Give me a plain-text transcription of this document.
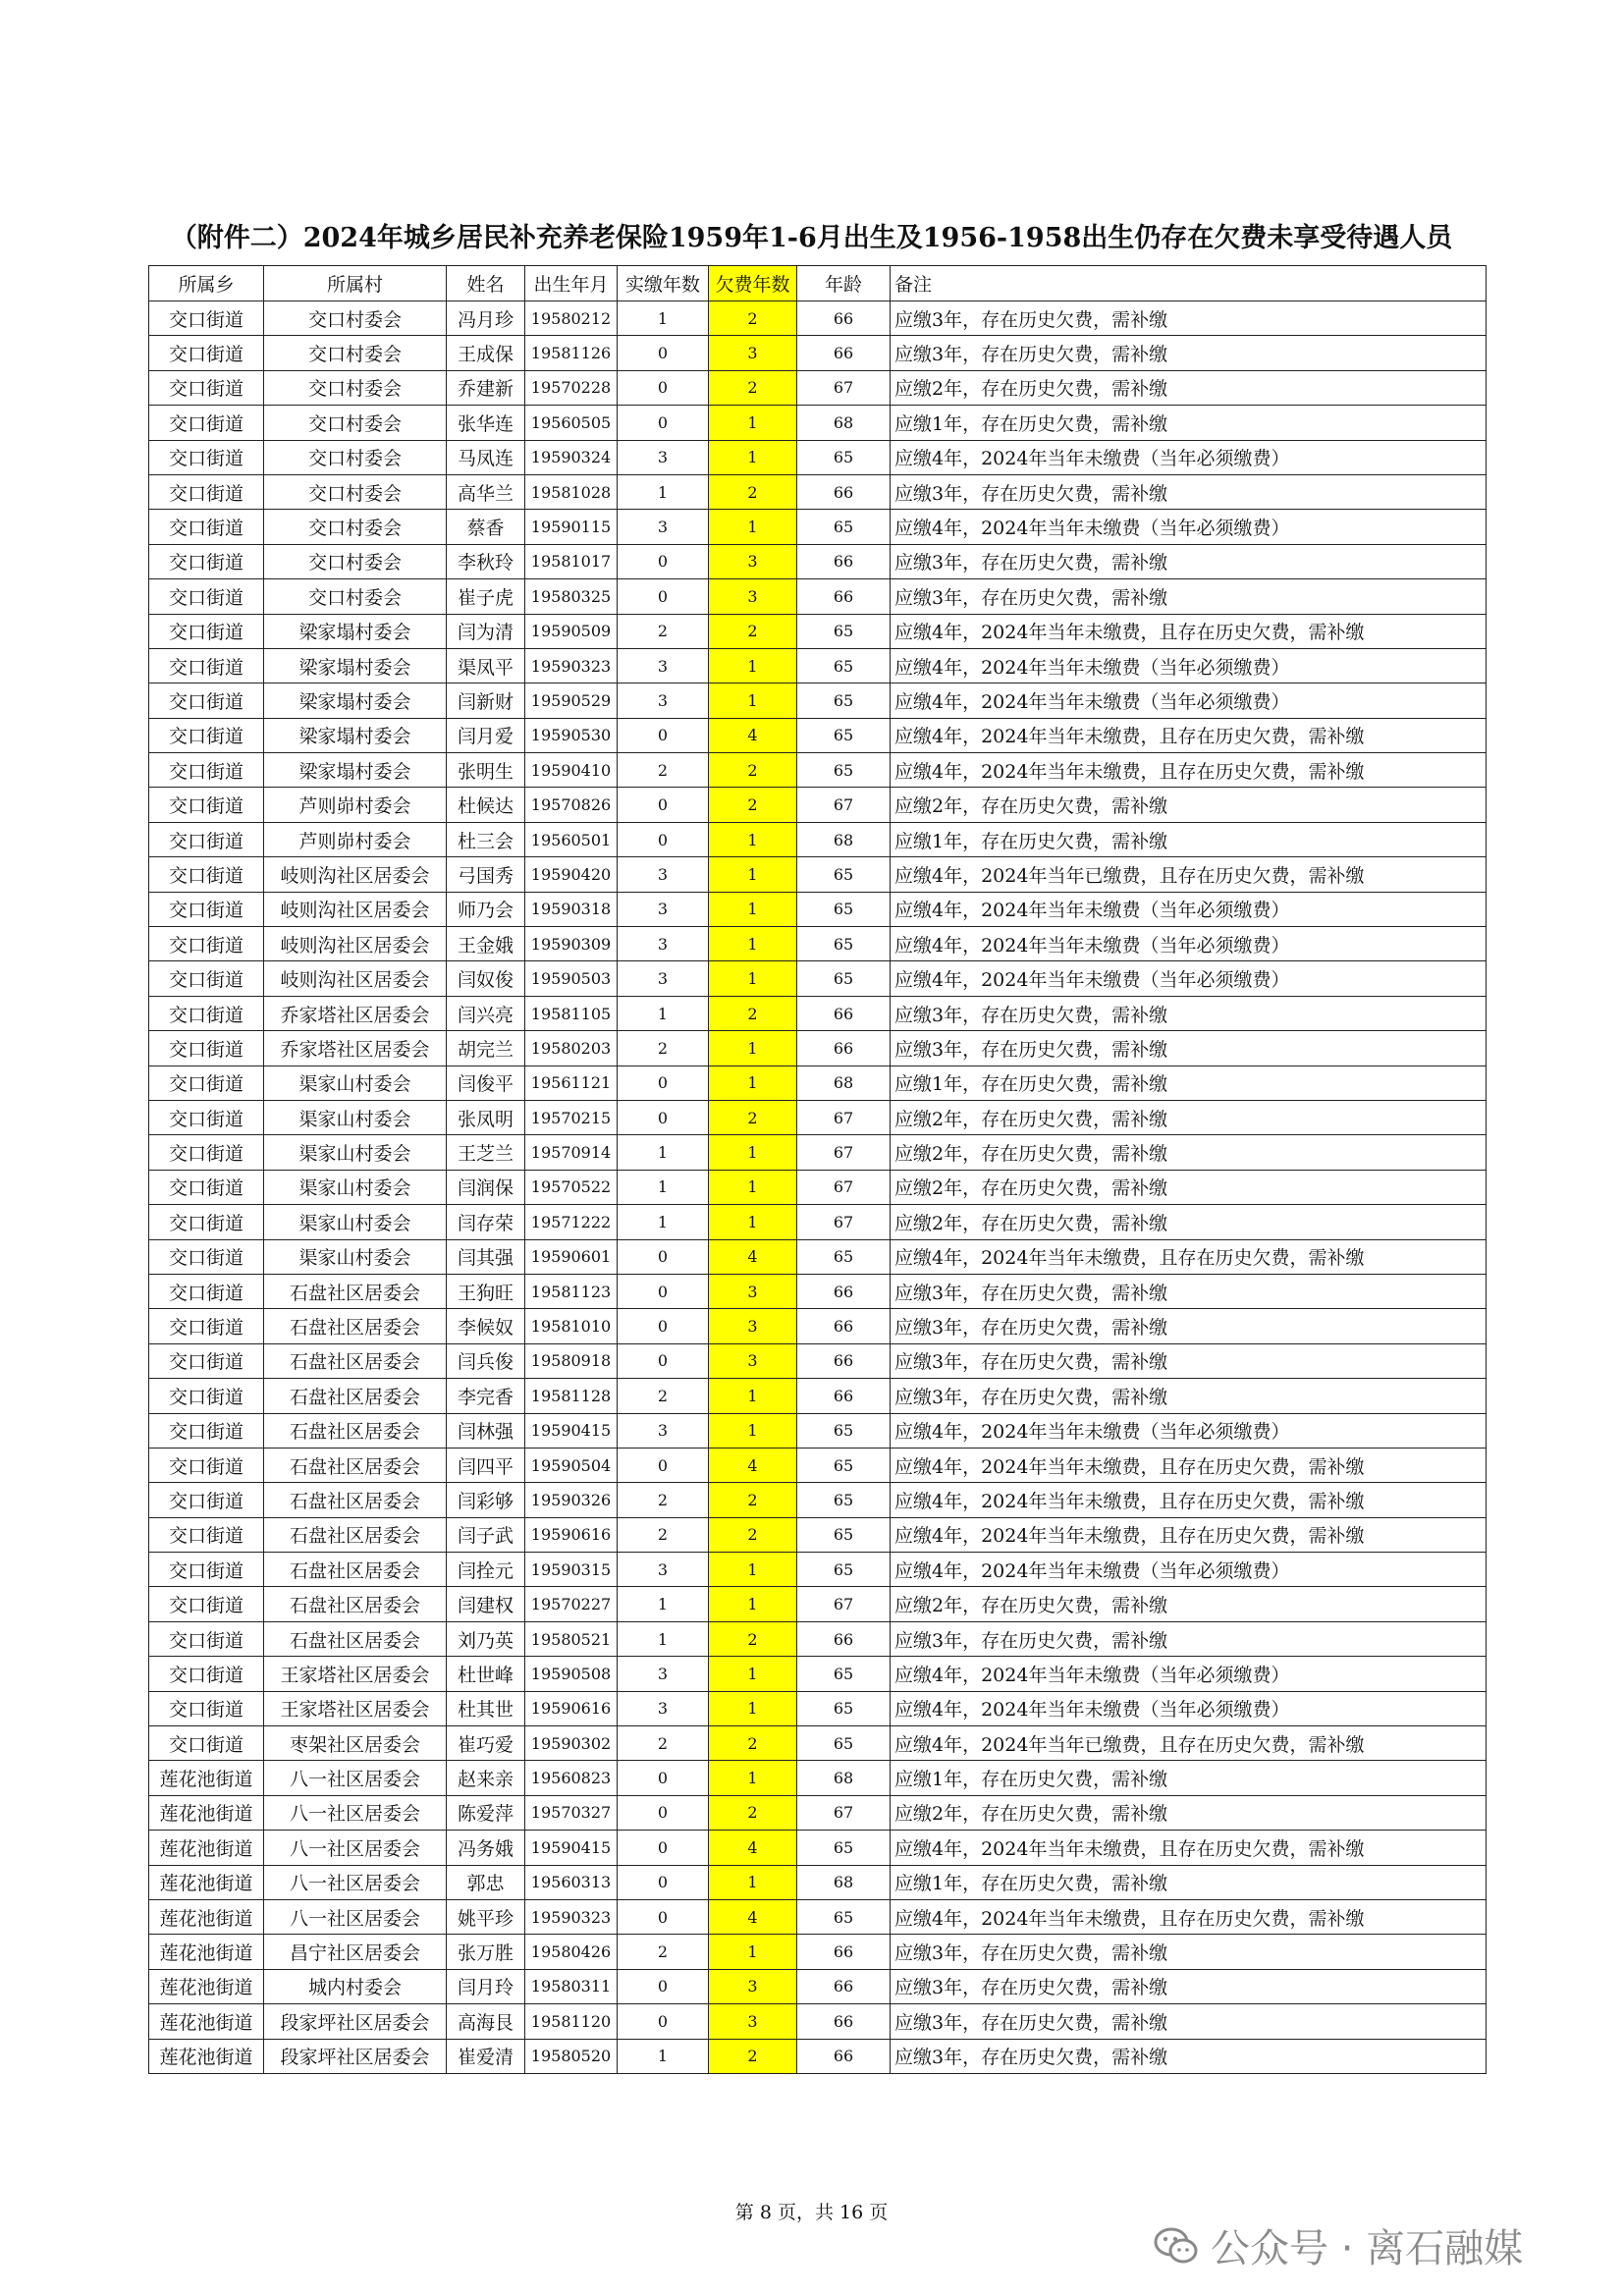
（附件二）2024年城乡居民补充养老保险1959年1-6月出生及1956-1958出生仍存在欠费未享受待遇人员
所属乡	所属村	姓名	出生年月	实缴年数	欠费年数	年龄	备注
交口街道	交口村委会	冯月珍	19580212	1	2	66	应缴3年，存在历史欠费，需补缴
交口街道	交口村委会	王成保	19581126	0	3	66	应缴3年，存在历史欠费，需补缴
交口街道	交口村委会	乔建新	19570228	0	2	67	应缴2年，存在历史欠费，需补缴
交口街道	交口村委会	张华连	19560505	0	1	68	应缴1年，存在历史欠费，需补缴
交口街道	交口村委会	马凤连	19590324	3	1	65	应缴4年，2024年当年未缴费（当年必须缴费）
交口街道	交口村委会	高华兰	19581028	1	2	66	应缴3年，存在历史欠费，需补缴
交口街道	交口村委会	蔡香	19590115	3	1	65	应缴4年，2024年当年未缴费（当年必须缴费）
交口街道	交口村委会	李秋玲	19581017	0	3	66	应缴3年，存在历史欠费，需补缴
交口街道	交口村委会	崔子虎	19580325	0	3	66	应缴3年，存在历史欠费，需补缴
交口街道	梁家塌村委会	闫为清	19590509	2	2	65	应缴4年，2024年当年未缴费，且存在历史欠费，需补缴
交口街道	梁家塌村委会	渠凤平	19590323	3	1	65	应缴4年，2024年当年未缴费（当年必须缴费）
交口街道	梁家塌村委会	闫新财	19590529	3	1	65	应缴4年，2024年当年未缴费（当年必须缴费）
交口街道	梁家塌村委会	闫月爱	19590530	0	4	65	应缴4年，2024年当年未缴费，且存在历史欠费，需补缴
交口街道	梁家塌村委会	张明生	19590410	2	2	65	应缴4年，2024年当年未缴费，且存在历史欠费，需补缴
交口街道	芦则峁村委会	杜候达	19570826	0	2	67	应缴2年，存在历史欠费，需补缴
交口街道	芦则峁村委会	杜三会	19560501	0	1	68	应缴1年，存在历史欠费，需补缴
交口街道	岐则沟社区居委会	弓国秀	19590420	3	1	65	应缴4年，2024年当年已缴费，且存在历史欠费，需补缴
交口街道	岐则沟社区居委会	师乃会	19590318	3	1	65	应缴4年，2024年当年未缴费（当年必须缴费）
交口街道	岐则沟社区居委会	王金娥	19590309	3	1	65	应缴4年，2024年当年未缴费（当年必须缴费）
交口街道	岐则沟社区居委会	闫奴俊	19590503	3	1	65	应缴4年，2024年当年未缴费（当年必须缴费）
交口街道	乔家塔社区居委会	闫兴亮	19581105	1	2	66	应缴3年，存在历史欠费，需补缴
交口街道	乔家塔社区居委会	胡完兰	19580203	2	1	66	应缴3年，存在历史欠费，需补缴
交口街道	渠家山村委会	闫俊平	19561121	0	1	68	应缴1年，存在历史欠费，需补缴
交口街道	渠家山村委会	张凤明	19570215	0	2	67	应缴2年，存在历史欠费，需补缴
交口街道	渠家山村委会	王芝兰	19570914	1	1	67	应缴2年，存在历史欠费，需补缴
交口街道	渠家山村委会	闫润保	19570522	1	1	67	应缴2年，存在历史欠费，需补缴
交口街道	渠家山村委会	闫存荣	19571222	1	1	67	应缴2年，存在历史欠费，需补缴
交口街道	渠家山村委会	闫其强	19590601	0	4	65	应缴4年，2024年当年未缴费，且存在历史欠费，需补缴
交口街道	石盘社区居委会	王狗旺	19581123	0	3	66	应缴3年，存在历史欠费，需补缴
交口街道	石盘社区居委会	李候奴	19581010	0	3	66	应缴3年，存在历史欠费，需补缴
交口街道	石盘社区居委会	闫兵俊	19580918	0	3	66	应缴3年，存在历史欠费，需补缴
交口街道	石盘社区居委会	李完香	19581128	2	1	66	应缴3年，存在历史欠费，需补缴
交口街道	石盘社区居委会	闫林强	19590415	3	1	65	应缴4年，2024年当年未缴费（当年必须缴费）
交口街道	石盘社区居委会	闫四平	19590504	0	4	65	应缴4年，2024年当年未缴费，且存在历史欠费，需补缴
交口街道	石盘社区居委会	闫彩够	19590326	2	2	65	应缴4年，2024年当年未缴费，且存在历史欠费，需补缴
交口街道	石盘社区居委会	闫子武	19590616	2	2	65	应缴4年，2024年当年未缴费，且存在历史欠费，需补缴
交口街道	石盘社区居委会	闫拴元	19590315	3	1	65	应缴4年，2024年当年未缴费（当年必须缴费）
交口街道	石盘社区居委会	闫建权	19570227	1	1	67	应缴2年，存在历史欠费，需补缴
交口街道	石盘社区居委会	刘乃英	19580521	1	2	66	应缴3年，存在历史欠费，需补缴
交口街道	王家塔社区居委会	杜世峰	19590508	3	1	65	应缴4年，2024年当年未缴费（当年必须缴费）
交口街道	王家塔社区居委会	杜其世	19590616	3	1	65	应缴4年，2024年当年未缴费（当年必须缴费）
交口街道	枣架社区居委会	崔巧爱	19590302	2	2	65	应缴4年，2024年当年已缴费，且存在历史欠费，需补缴
莲花池街道	八一社区居委会	赵来亲	19560823	0	1	68	应缴1年，存在历史欠费，需补缴
莲花池街道	八一社区居委会	陈爱萍	19570327	0	2	67	应缴2年，存在历史欠费，需补缴
莲花池街道	八一社区居委会	冯务娥	19590415	0	4	65	应缴4年，2024年当年未缴费，且存在历史欠费，需补缴
莲花池街道	八一社区居委会	郭忠	19560313	0	1	68	应缴1年，存在历史欠费，需补缴
莲花池街道	八一社区居委会	姚平珍	19590323	0	4	65	应缴4年，2024年当年未缴费，且存在历史欠费，需补缴
莲花池街道	昌宁社区居委会	张万胜	19580426	2	1	66	应缴3年，存在历史欠费，需补缴
莲花池街道	城内村委会	闫月玲	19580311	0	3	66	应缴3年，存在历史欠费，需补缴
莲花池街道	段家坪社区居委会	高海艮	19581120	0	3	66	应缴3年，存在历史欠费，需补缴
莲花池街道	段家坪社区居委会	崔爱清	19580520	1	2	66	应缴3年，存在历史欠费，需补缴
第 8 页，共 16 页
公众号 · 离石融媒
